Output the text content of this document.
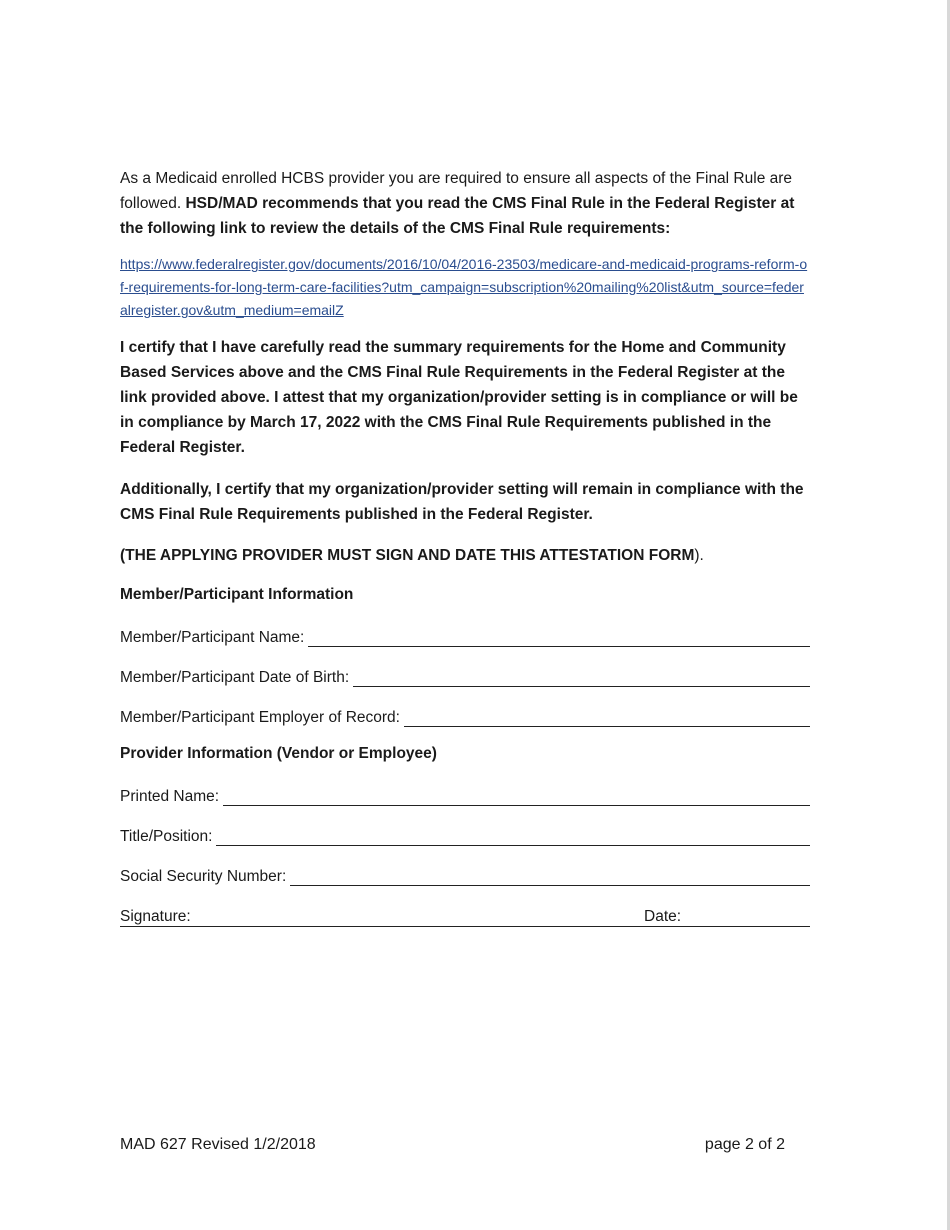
As a Medicaid enrolled HCBS provider you are required to ensure all aspects of the Final Rule are followed. HSD/MAD recommends that you read the CMS Final Rule in the Federal Register at the following link to review the details of the CMS Final Rule requirements:

https://www.federalregister.gov/documents/2016/10/04/2016-23503/medicare-and-medicaid-programs-reform-of-requirements-for-long-term-care-facilities?utm_campaign=subscription%20mailing%20list&utm_source=federalregister.gov&utm_medium=emailZ

I certify that I have carefully read the summary requirements for the Home and Community Based Services above and the CMS Final Rule Requirements in the Federal Register at the link provided above. I attest that my organization/provider setting is in compliance or will be in compliance by March 17, 2022 with the CMS Final Rule Requirements published in the Federal Register.

Additionally, I certify that my organization/provider setting will remain in compliance with the CMS Final Rule Requirements published in the Federal Register.

(THE APPLYING PROVIDER MUST SIGN AND DATE THIS ATTESTATION FORM).

Member/Participant Information

Member/Participant Name:
Member/Participant Date of Birth:
Member/Participant Employer of Record:

Provider Information (Vendor or Employee)

Printed Name:
Title/Position:
Social Security Number:
Signature:	Date:
MAD 627 Revised 1/2/2018	page 2 of 2
